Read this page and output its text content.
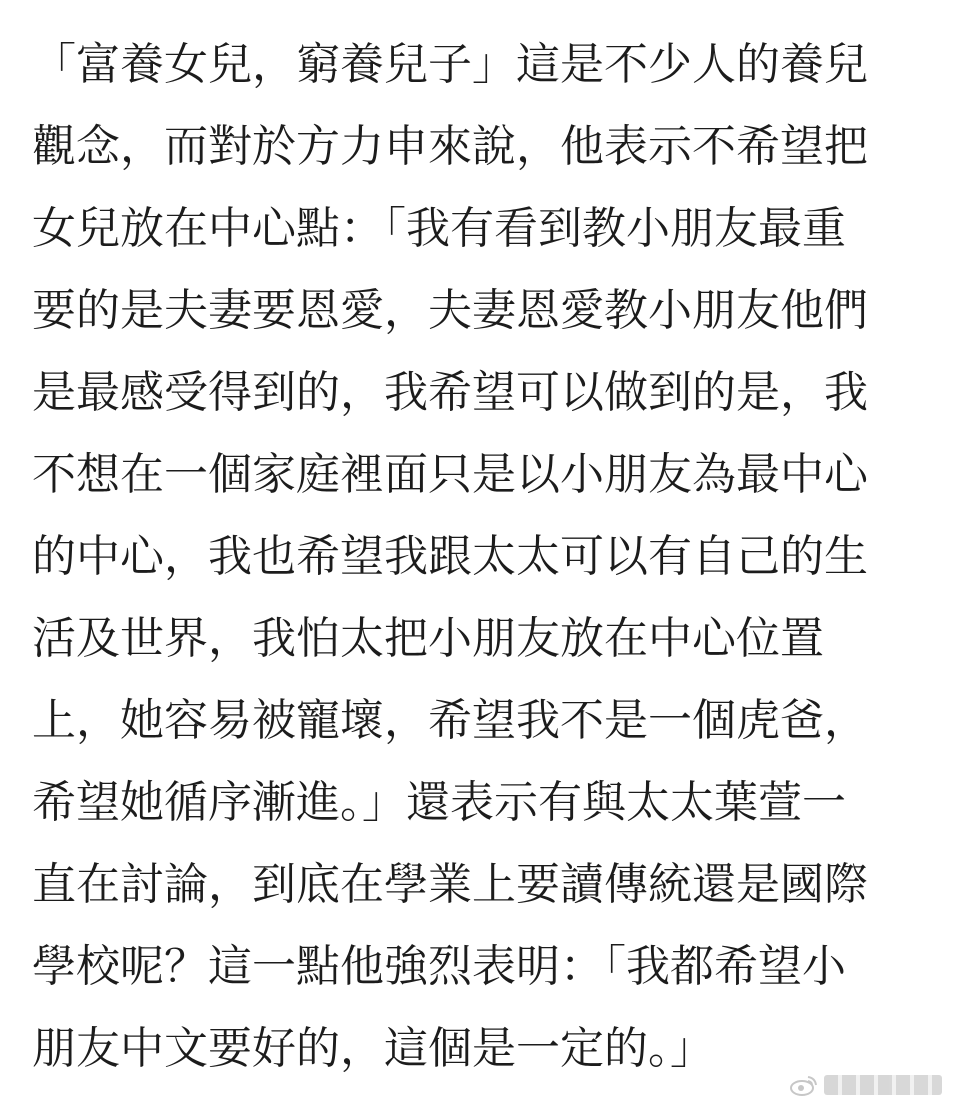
「富養女兒，窮養兒子」這是不少人的養兒
觀念，而對於方力申來說，他表示不希望把
女兒放在中心點：「我有看到教小朋友最重
要的是夫妻要恩愛，夫妻恩愛教小朋友他們
是最感受得到的，我希望可以做到的是，我
不想在一個家庭裡面只是以小朋友為最中心
的中心，我也希望我跟太太可以有自己的生
活及世界，我怕太把小朋友放在中心位置
上，她容易被寵壞，希望我不是一個虎爸，
希望她循序漸進。」還表示有與太太葉萱一
直在討論，到底在學業上要讀傳統還是國際
學校呢？這一點他強烈表明：「我都希望小
朋友中文要好的，這個是一定的。」
